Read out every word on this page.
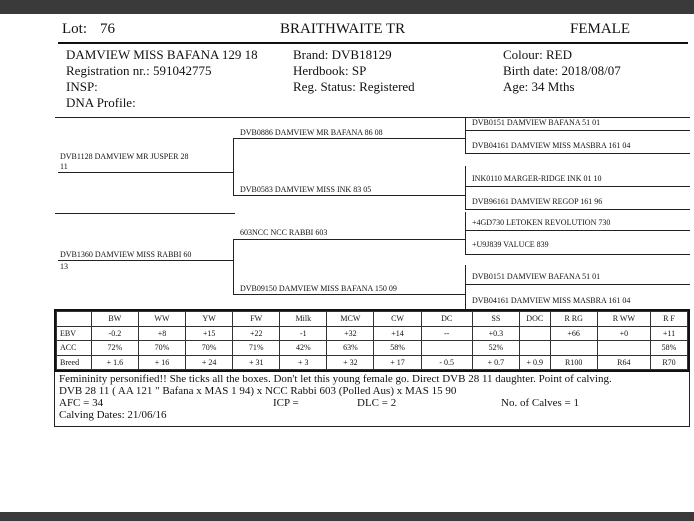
Lot: 76	BRAITHWAITE TR	FEMALE
DAMVIEW MISS BAFANA 129 18
Registration nr.: 591042775
INSP:
DNA Profile:
Brand: DVB18129
Herdbook: SP
Reg. Status: Registered
Colour: RED
Birth date: 2018/08/07
Age: 34 Mths
DVB1128 DAMVIEW MR JUSPER 28
11
DVB1360 DAMVIEW MISS RABBI 60
13
DVB0886 DAMVIEW MR BAFANA 86 08
DVB0583 DAMVIEW MISS INK 83 05
603NCC NCC RABBI 603
DVB09150 DAMVIEW MISS BAFANA 150 09
DVB0151 DAMVIEW BAFANA 51 01
DVB04161 DAMVIEW MISS MASBRA 161 04
INK0110 MARGER-RIDGE INK 01 10
DVB96161 DAMVIEW REGOP 161 96
+4GD730 LETOKEN REVOLUTION 730
+U9J839 VALUCE 839
DVB0151 DAMVIEW BAFANA 51 01
DVB04161 DAMVIEW MISS MASBRA 161 04
	BW	WW	YW	FW	Milk	MCW	CW	DC	SS	DOC	R RG	R WW	R F
EBV	-0.2	+8	+15	+22	-1	+32	+14	--	+0.3		+66	+0	+11
ACC	72%	70%	70%	71%	42%	63%	58%		52%				58%
Breed	+ 1.6	+ 16	+ 24	+ 31	+ 3	+ 32	+ 17	- 0.5	+ 0.7	+ 0.9	R100	R64	R70
Femininity personified!! She ticks all the boxes. Don't let this young female go. Direct DVB 28 11 daughter. Point of calving.
DVB 28 11 ( AA 121 " Bafana x MAS 1 94) x NCC Rabbi 603 (Polled Aus) x MAS 15 90
AFC = 34	ICP =	DLC = 2	No. of Calves = 1
Calving Dates: 21/06/16
